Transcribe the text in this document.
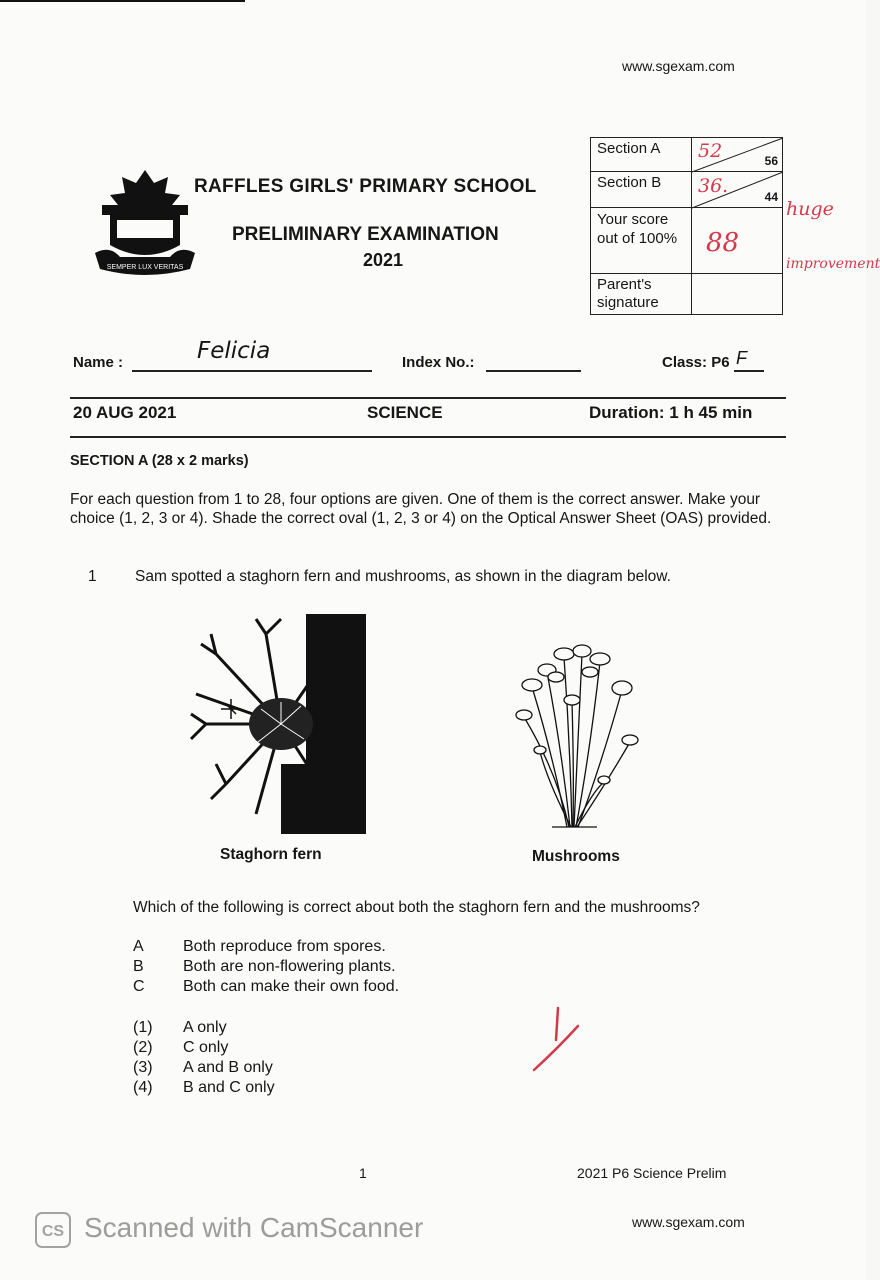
www.sgexam.com
SEMPER LUX VERITAS
RAFFLES GIRLS' PRIMARY SCHOOL
PRELIMINARY EXAMINATION
2021
Section A	52 56

Section B	36. 44

Your score out of 100%	88

Parent's signature	
huge
improvement
Name :	Felicia	Index No.:	Class: P6 F
20 AUG 2021	SCIENCE	Duration: 1 h 45 min
SECTION A (28 x 2 marks)
For each question from 1 to 28, four options are given. One of them is the correct answer. Make your choice (1, 2, 3 or 4). Shade the correct oval (1, 2, 3 or 4) on the Optical Answer Sheet (OAS) provided.
1 Sam spotted a staghorn fern and mushrooms, as shown in the diagram below.
Staghorn fern	Mushrooms
Which of the following is correct about both the staghorn fern and the mushrooms?
A Both reproduce from spores.
B Both are non-flowering plants.
C Both can make their own food.
(1) A only
(2) C only
(3) A and B only
(4) B and C only
1	2021 P6 Science Prelim
CS Scanned with CamScanner	www.sgexam.com
